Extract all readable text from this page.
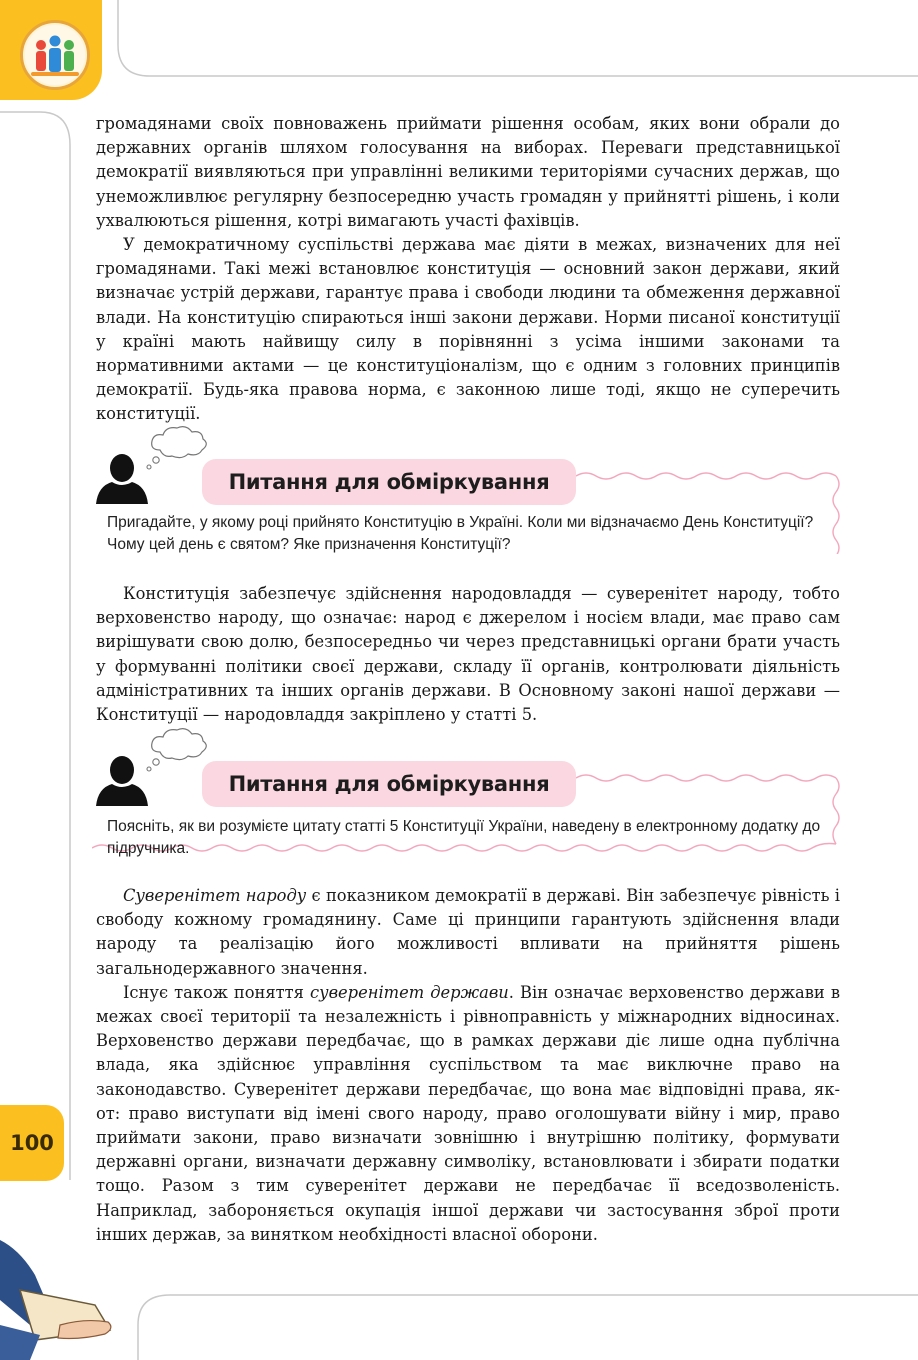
громадянами своїх повноважень приймати рішення особам, яких вони обрали до державних органів шляхом голосування на виборах. Переваги представницької демократії виявляються при управлінні великими територіями сучасних держав, що унеможливлює регулярну безпосередню участь громадян у прийнятті рішень, і коли ухвалюються рішення, котрі вимагають участі фахівців.

У демократичному суспільстві держава має діяти в межах, визначених для неї громадянами. Такі межі встановлює конституція — основний закон держави, який визначає устрій держави, гарантує права і свободи людини та обмеження державної влади. На конституцію спираються інші закони держави. Норми писаної конституції у країні мають найвищу силу в порівнянні з усіма іншими законами та нормативними актами — це конституціоналізм, що є одним з головних принципів демократії. Будь-яка правова норма, є законною лише тоді, якщо не суперечить конституції.

Питання для обміркування
Пригадайте, у якому році прийнято Конституцію в Україні. Коли ми відзначаємо День Конституції? Чому цей день є святом? Яке призначення Конституції?

Конституція забезпечує здійснення народовладдя — суверенітет народу, тобто верховенство народу, що означає: народ є джерелом і носієм влади, має право сам вирішувати свою долю, безпосередньо чи через представницькі органи брати участь у формуванні політики своєї держави, складу її органів, контролювати діяльність адміністративних та інших органів держави. В Основному законі нашої держави — Конституції — народовладдя закріплено у статті 5.

Питання для обміркування
Поясніть, як ви розумієте цитату статті 5 Конституції України, наведену в електронному додатку до підручника.

Суверенітет народу є показником демократії в державі. Він забезпечує рівність і свободу кожному громадянину. Саме ці принципи гарантують здійснення влади народу та реалізацію його можливості впливати на прийняття рішень загальнодержавного значення.

Існує також поняття суверенітет держави. Він означає верховенство держави в межах своєї території та незалежність і рівноправність у міжнародних відносинах. Верховенство держави передбачає, що в рамках держави діє лише одна публічна влада, яка здійснює управління суспільством та має виключне право на законодавство. Суверенітет держави передбачає, що вона має відповідні права, як-от: право виступати від імені свого народу, право оголошувати війну і мир, право приймати закони, право визначати зовнішню і внутрішню політику, формувати державні органи, визначати державну символіку, встановлювати і збирати податки тощо. Разом з тим суверенітет держави не передбачає її вседозволеність. Наприклад, забороняється окупація іншої держави чи застосування зброї проти інших держав, за винятком необхідності власної оборони.

100
